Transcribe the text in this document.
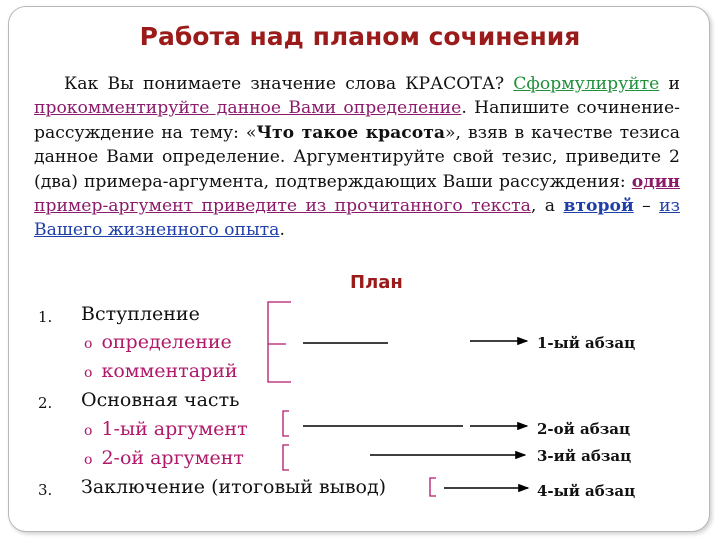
Работа над планом сочинения
Как Вы понимаете значение слова КРАСОТА? Сформулируйте и прокомментируйте данное Вами определение. Напишите сочинение-рассуждение на тему: «Что такое красота», взяв в качестве тезиса данное Вами определение. Аргументируйте свой тезис, приведите 2 (два) примера-аргумента, подтверждающих Ваши рассуждения: один пример-аргумент приведите из прочитанного текста, а второй – из Вашего жизненного опыта.
План
1. Вступление
o определение
o комментарий
2. Основная часть
o 1-ый аргумент
o 2-ой аргумент
3. Заключение (итоговый вывод)
1-ый абзац
2-ой абзац
3-ий абзац
4-ый абзац
